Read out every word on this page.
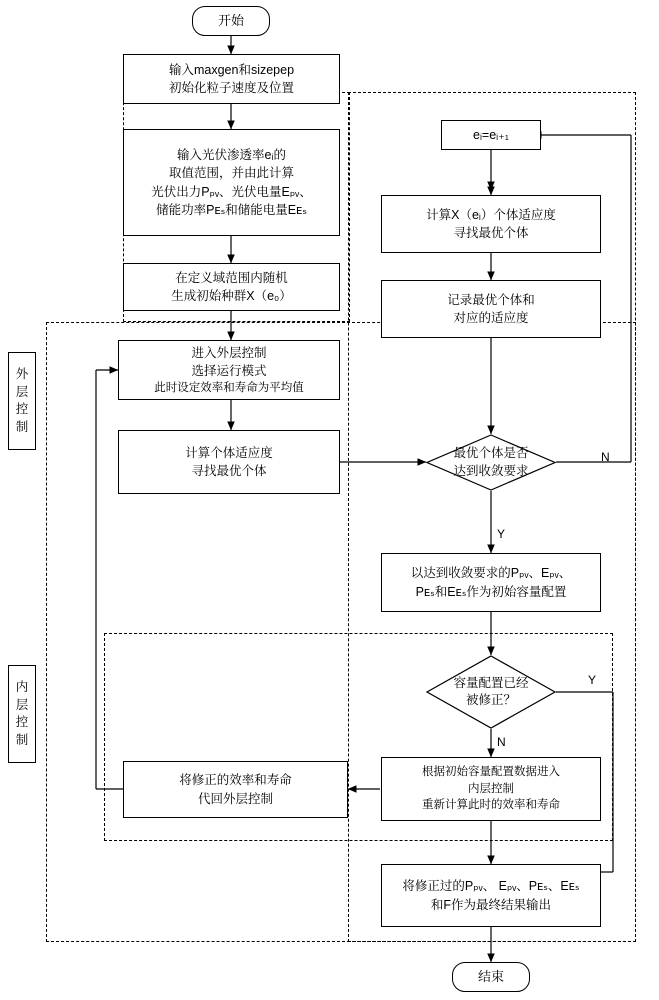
开始
输入maxgen和sizepep
初始化粒子速度及位置
输入光伏渗透率eᵢ的
取值范围，并由此计算
光伏出力Pₚᵥ、光伏电量Eₚᵥ、
储能功率Pᴇₛ和储能电量Eᴇₛ
在定义域范围内随机
生成初始种群X（e₀）
进入外层控制
选择运行模式
此时设定效率和寿命为平均值
计算个体适应度
寻找最优个体
eᵢ=eᵢ₊₁
计算X（eᵢ）个体适应度
寻找最优个体
记录最优个体和
对应的适应度
最优个体是否
达到收敛要求
N
Y
以达到收敛要求的Pₚᵥ、Eₚᵥ、
Pᴇₛ和Eᴇₛ作为初始容量配置
容量配置已经
被修正？
Y
N
根据初始容量配置数据进入
内层控制
重新计算此时的效率和寿命
将修正的效率和寿命
代回外层控制
将修正过的Pₚᵥ、 Eₚᵥ、Pᴇₛ、Eᴇₛ
和F作为最终结果输出
结束
外
层
控
制
内
层
控
制
